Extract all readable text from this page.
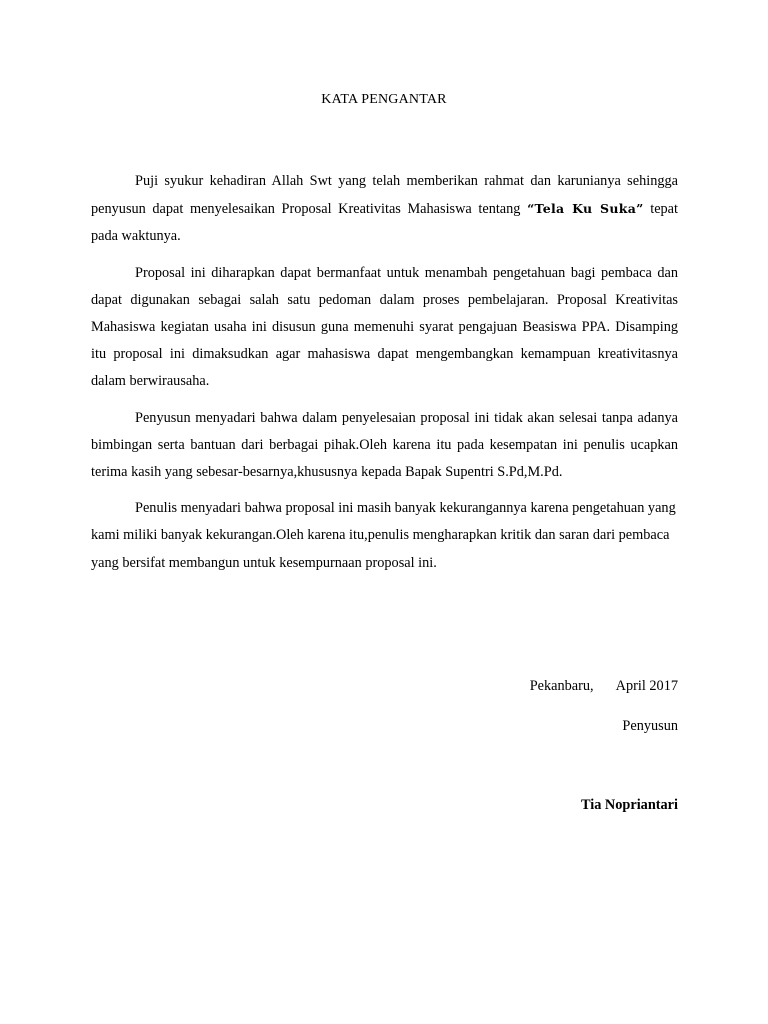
KATA PENGANTAR

Puji syukur kehadiran Allah Swt yang telah memberikan rahmat dan karunianya sehingga penyusun dapat menyelesaikan Proposal Kreativitas Mahasiswa tentang “Tela Ku Suka” tepat pada waktunya.

Proposal ini diharapkan dapat bermanfaat untuk menambah pengetahuan bagi pembaca dan dapat digunakan sebagai salah satu pedoman dalam proses pembelajaran. Proposal Kreativitas Mahasiswa kegiatan usaha ini disusun guna memenuhi syarat pengajuan Beasiswa PPA. Disamping itu proposal ini dimaksudkan agar mahasiswa dapat mengembangkan kemampuan kreativitasnya dalam berwirausaha.

Penyusun menyadari bahwa dalam penyelesaian proposal ini tidak akan selesai tanpa adanya bimbingan serta bantuan dari berbagai pihak.Oleh karena itu pada kesempatan ini penulis ucapkan terima kasih yang sebesar-besarnya,khususnya kepada Bapak Supentri S.Pd,M.Pd.

Penulis menyadari bahwa proposal ini masih banyak kekurangannya karena pengetahuan yang kami miliki banyak kekurangan.Oleh karena itu,penulis mengharapkan kritik dan saran dari pembaca yang bersifat membangun untuk kesempurnaan proposal ini.

Pekanbaru, April 2017
Penyusun
Tia Nopriantari
